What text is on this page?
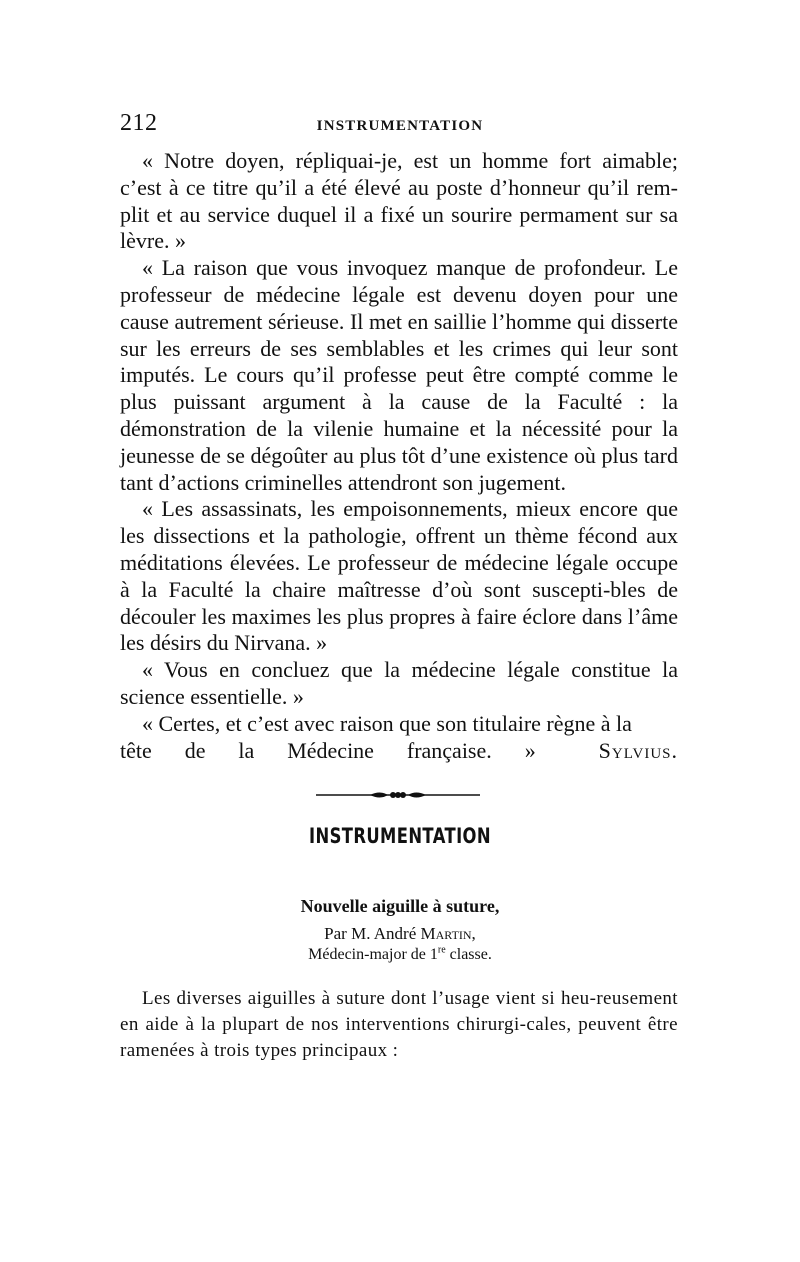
212	INSTRUMENTATION

« Notre doyen, répliquai-je, est un homme fort aimable; c’est à ce titre qu’il a été élevé au poste d’honneur qu’il rem-plit et au service duquel il a fixé un sourire permament sur sa lèvre. »

« La raison que vous invoquez manque de profondeur. Le professeur de médecine légale est devenu doyen pour une cause autrement sérieuse. Il met en saillie l’homme qui disserte sur les erreurs de ses semblables et les crimes qui leur sont imputés. Le cours qu’il professe peut être compté comme le plus puissant argument à la cause de la Faculté : la démonstration de la vilenie humaine et la nécessité pour la jeunesse de se dégoûter au plus tôt d’une existence où plus tard tant d’actions criminelles attendront son jugement.

« Les assassinats, les empoisonnements, mieux encore que les dissections et la pathologie, offrent un thème fécond aux méditations élevées. Le professeur de médecine légale occupe à la Faculté la chaire maîtresse d’où sont suscepti-bles de découler les maximes les plus propres à faire éclore dans l’âme les désirs du Nirvana. »

« Vous en concluez que la médecine légale constitue la science essentielle. »

« Certes, et c’est avec raison que son titulaire règne à la

tête de la Médecine française. »	Sylvius.
INSTRUMENTATION
Nouvelle aiguille à suture,
Par M. André Martin,
Médecin-major de 1re classe.

Les diverses aiguilles à suture dont l’usage vient si heu-reusement en aide à la plupart de nos interventions chirurgi-cales, peuvent être ramenées à trois types principaux :
